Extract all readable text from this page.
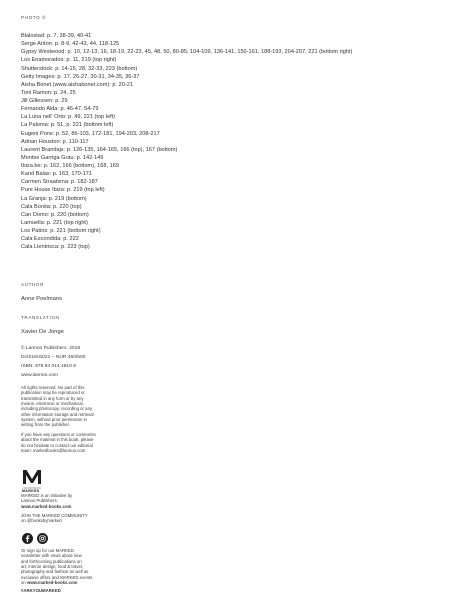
PHOTO ©
Blalostad: p. 7, 38-39, 40-41
Serge Anton: p. 8-9, 42-43, 44, 118-125
Gypsy Westwood: p. 10, 12-13, 16, 18-19, 22-23, 45, 48, 50, 80-85, 104-109, 136-141, 150-161, 188-193, 204-207, 221 (bottom right)
Los Enamorados: p. 11, 219 (top right)
Shutterstock: p. 14-15, 28, 32-33, 223 (bottom)
Getty Images: p. 17, 26-27, 30-31, 34-35, 36-37
Aisha Bonet (www.aishabonet.com): p. 20-21
Toni Ramon: p. 24, 25
Jill Gillessen: p. 29
Fernando Alda: p. 46-47, 54-79
La Luna nell' Orto: p. 49, 221 (top left)
La Paloma: p. 51, p. 221 (bottom left)
Eugeni Pons: p. 52, 86-103, 172-181, 194-203, 208-217
Adrian Houston: p. 110-117
Laurent Brandajs: p. 126-135, 164-165, 166 (top), 167 (bottom)
Montse Garriga Grau: p. 142-149
Ibiza.be: p. 162, 166 (bottom), 168, 169
Karel Balas: p. 163, 170-171
Carmen Straatsma: p. 182-187
Pure House Ibiza: p. 219 (top left)
La Granja: p. 219 (bottom)
Cala Bonita: p. 220 (top)
Can Domo: p. 220 (bottom)
Lamuella: p. 221 (top right)
Los Patios: p. 221 (bottom right)
Cala Escondida: p. 222
Cala Llentrisca: p. 223 (top)
AUTHOR
Anne Poelmans
TRANSLATION
Xavier De Jonge
© Lannoo Publishers, 2018
D/2018/45/21 – NUR 450/500
ISBN: 978 94 014 4810 8
www.lannoo.com
All rights reserved. No part of this
publication may be reproduced or
transmitted in any form or by any
means, electronic or mechanical,
including photocopy, recording or any
other information storage and retrieval
system, without prior permission in
writing from the publisher.
If you have any questions or comments
about the material in this book, please
do not hesitate to contact our editorial
team: markedbooks@lannoo.com
MARKED
MARKED is an initiative by
Lannoo Publishers.
www.marked-books.com
JOIN THE MARKED COMMUNITY
on @booksbymarked
Or sign up for our MARKED
newsletter with news about new
and forthcoming publications on
art, interior design, food & travel,
photography and fashion as well as
exclusive offers and MARKED events
on www.marked-books.com
#ARKYOUMARKED
